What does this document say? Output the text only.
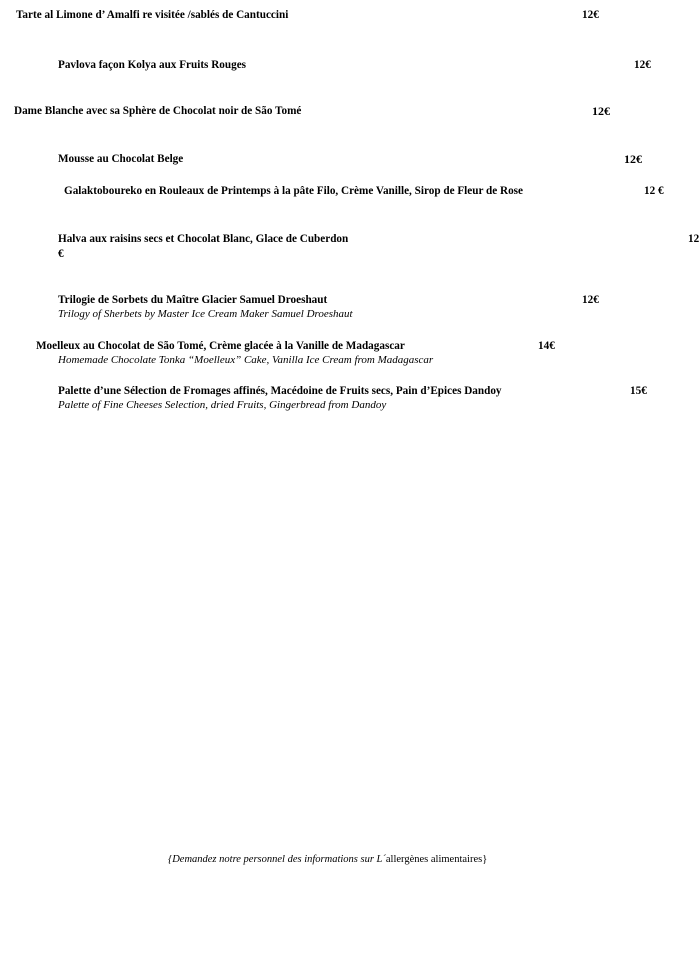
Tarte al Limone d’ Amalfi re visitée /sablés de Cantuccini	12€
Pavlova façon Kolya aux Fruits Rouges	12€
Dame Blanche avec sa Sphère de Chocolat noir de São Tomé	12€
Mousse au Chocolat Belge	12€
Galaktoboureko en Rouleaux de Printemps à la pâte Filo, Crème Vanille, Sirop de Fleur de Rose	12 €
Halva aux raisins secs et Chocolat Blanc, Glace de Cuberdon	12
€
Trilogie de Sorbets du Maître Glacier Samuel Droeshaut	12€
Trilogy of Sherbets by Master Ice Cream Maker Samuel Droeshaut
Moelleux au Chocolat de São Tomé, Crème glacée à la Vanille de Madagascar	14€
Homemade Chocolate Tonka “Moelleux” Cake, Vanilla Ice Cream from Madagascar
Palette d’une Sélection de Fromages affinés, Macédoine de Fruits secs, Pain d’Epices Dandoy	15€
Palette of Fine Cheeses Selection, dried Fruits, Gingerbread from Dandoy
{Demandez notre personnel des informations sur L´allergènes alimentaires}
